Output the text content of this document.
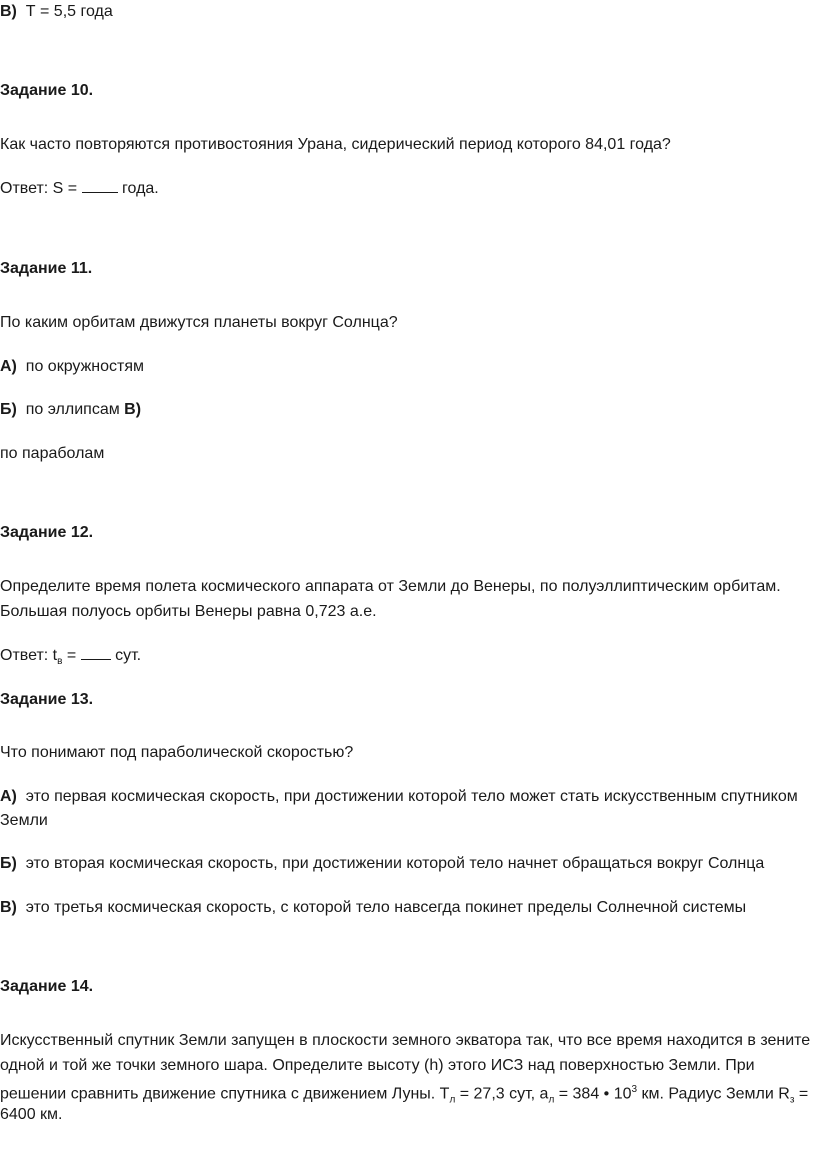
В) Т = 5,5 года
Задание 10.
Как часто повторяются противостояния Урана, сидерический период которого 84,01 года?
Ответ: S =  года.
Задание 11.
По каким орбитам движутся планеты вокруг Солнца?
А) по окружностям
Б) по эллипсам В)
по параболам
Задание 12.
Определите время полета космического аппарата от Земли до Венеры, по полуэллиптическим орбитам.
Большая полуось орбиты Венеры равна 0,723 а.е.
Ответ: $t_в$ =  сут.
Задание 13.
Что понимают под параболической скоростью?
А) это первая космическая скорость, при достижении которой тело может стать искусственным спутником
Земли
Б) это вторая космическая скорость, при достижении которой тело начнет обращаться вокруг Солнца
В) это третья космическая скорость, с которой тело навсегда покинет пределы Солнечной системы
Задание 14.
Искусственный спутник Земли запущен в плоскости земного экватора так, что все время находится в зените
одной и той же точки земного шара. Определите высоту (h) этого ИСЗ над поверхностью Земли. При
решении сравнить движение спутника с движением Луны. $Т_л = 27,3$ сут, $а_л = 384$ • $10^3$ км. Радиус Земли $R_з$ =
6400 км.
